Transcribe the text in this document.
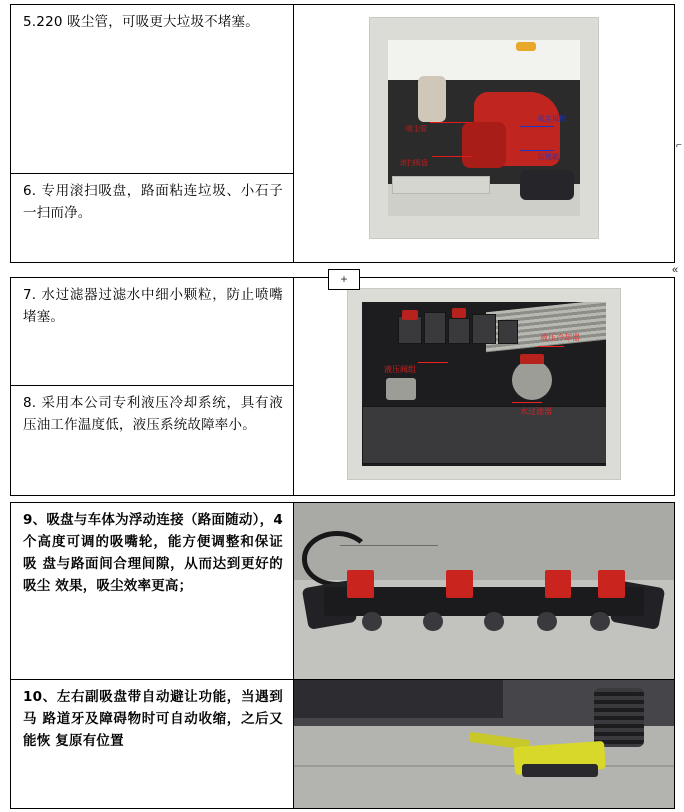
5.220 吸尘管，可吸更大垃圾不堵塞。

吸尘管
滚扫吸盘
吸尘风机
垃圾箱

6. 专用滚扫吸盘，路面粘连垃圾、小石子一扫而净。
7. 水过滤器过滤水中细小颗粒，防止喷嘴堵塞。

液压阀组
液压冷却器
水过滤器

8. 采用本公司专利液压冷却系统，具有液压油工作温度低，液压系统故障率小。
9、吸盘与车体为浮动连接（路面随动），4 个高度可调的吸嘴轮，能方便调整和保证吸 盘与路面间合理间隙，从而达到更好的吸尘 效果，吸尘效率更高；	

10、左右副吸盘带自动避让功能，当遇到马 路道牙及障碍物时可自动收缩，之后又能恢 复原有位置	

+
«
⌐
